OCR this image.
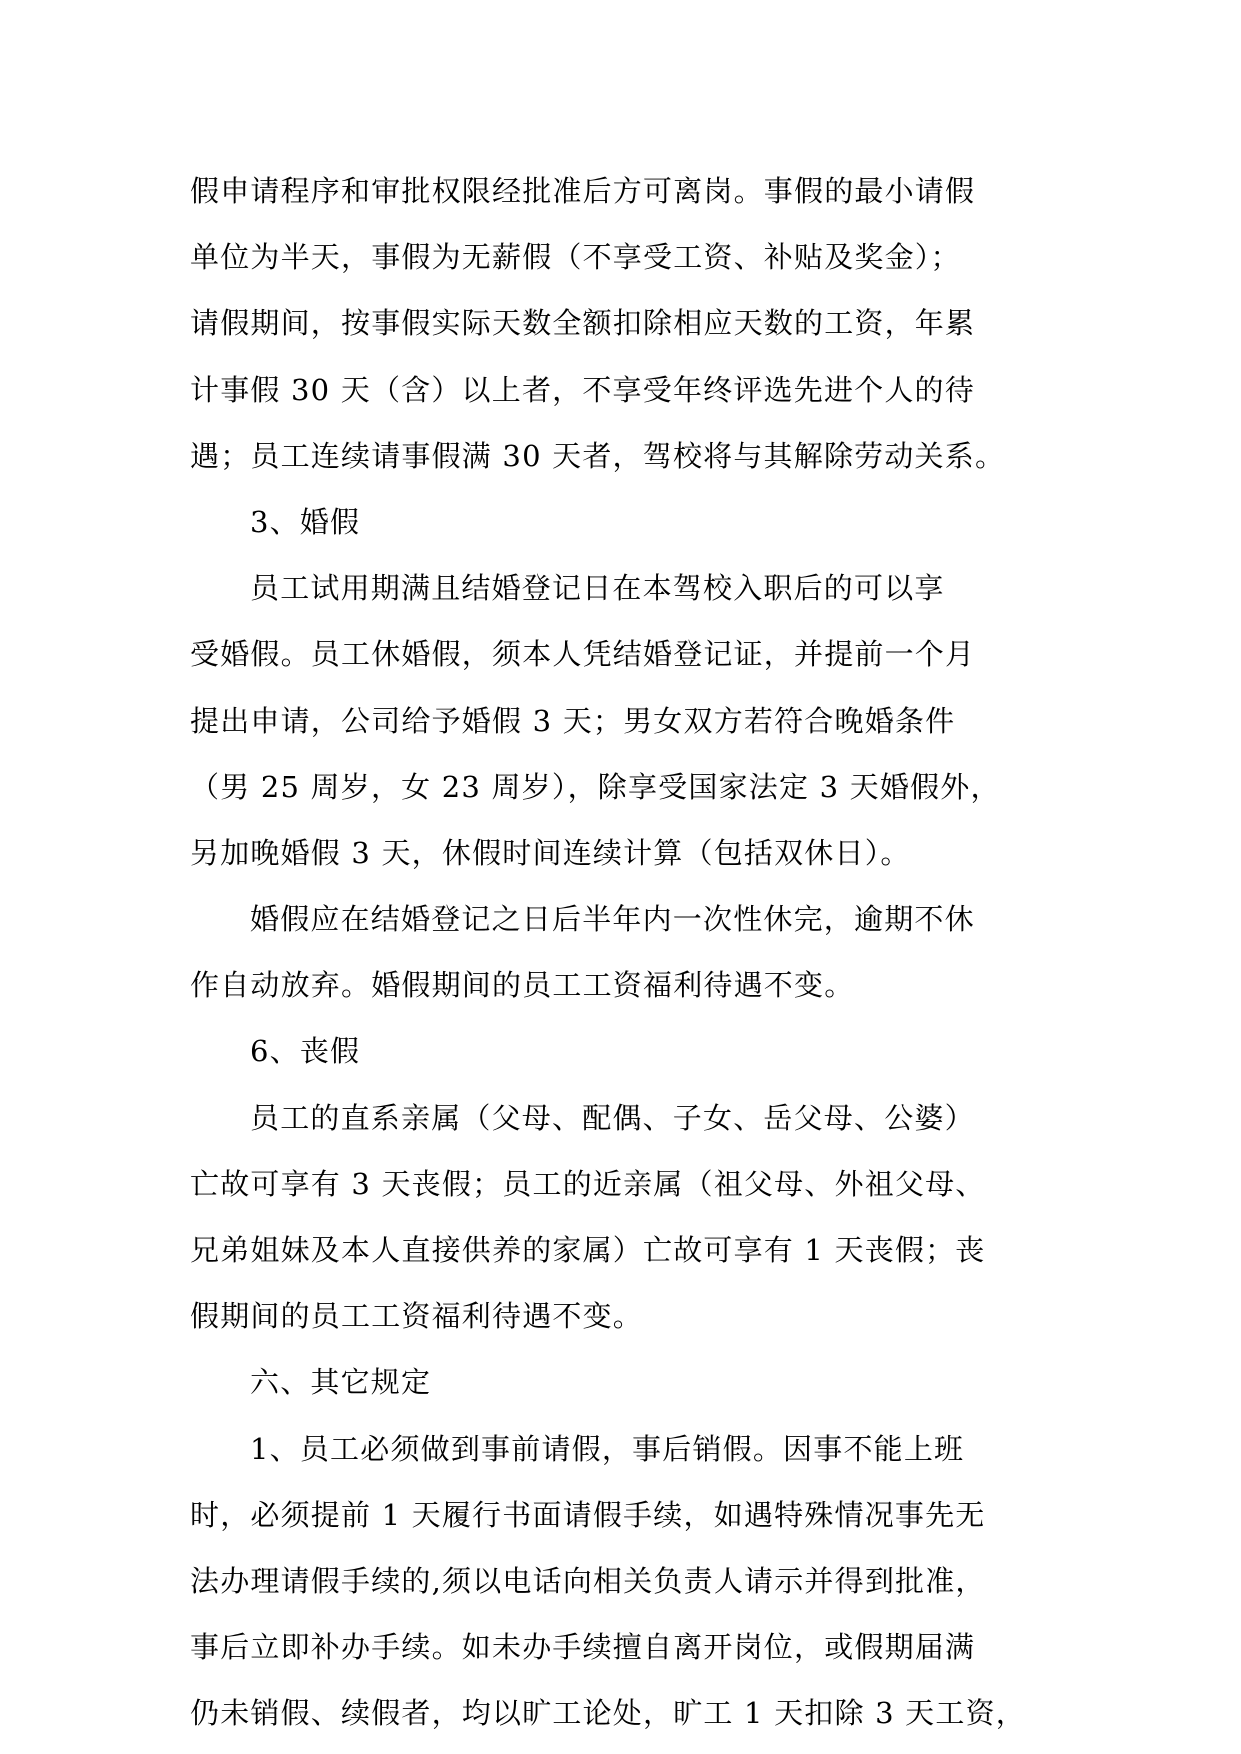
假申请程序和审批权限经批准后方可离岗。事假的最小请假
单位为半天，事假为无薪假（不享受工资、补贴及奖金）；
请假期间，按事假实际天数全额扣除相应天数的工资，年累
计事假 30 天（含）以上者，不享受年终评选先进个人的待
遇；员工连续请事假满 30 天者，驾校将与其解除劳动关系。
3、婚假
员工试用期满且结婚登记日在本驾校入职后的可以享
受婚假。员工休婚假，须本人凭结婚登记证，并提前一个月
提出申请，公司给予婚假 3 天；男女双方若符合晚婚条件
（男 25 周岁，女 23 周岁），除享受国家法定 3 天婚假外，
另加晚婚假 3 天，休假时间连续计算（包括双休日）。
婚假应在结婚登记之日后半年内一次性休完，逾期不休
作自动放弃。婚假期间的员工工资福利待遇不变。
6、丧假
员工的直系亲属（父母、配偶、子女、岳父母、公婆）
亡故可享有 3 天丧假；员工的近亲属（祖父母、外祖父母、
兄弟姐妹及本人直接供养的家属）亡故可享有 1 天丧假；丧
假期间的员工工资福利待遇不变。
六、其它规定
1、员工必须做到事前请假，事后销假。因事不能上班
时，必须提前 1 天履行书面请假手续，如遇特殊情况事先无
法办理请假手续的,须以电话向相关负责人请示并得到批准，
事后立即补办手续。如未办手续擅自离开岗位，或假期届满
仍未销假、续假者，均以旷工论处，旷工 1 天扣除 3 天工资，
